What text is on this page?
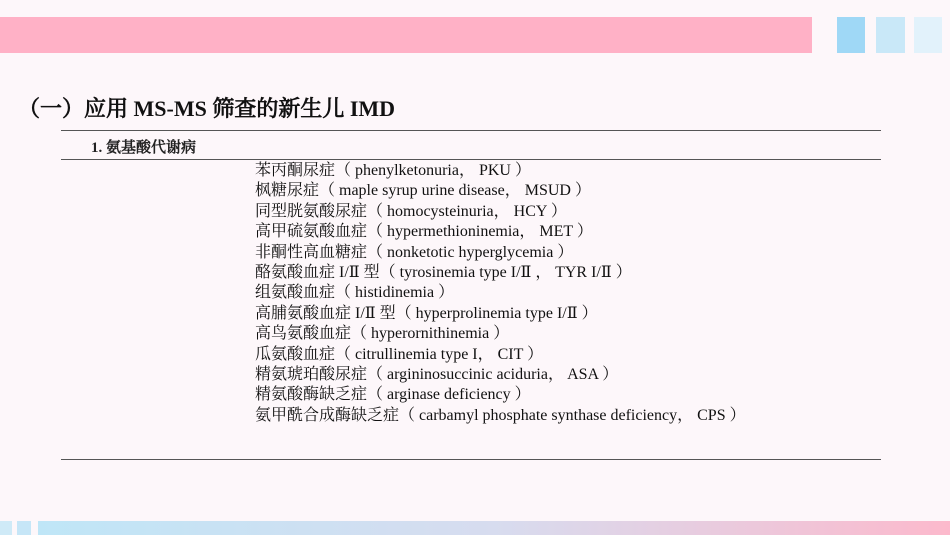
（一）应用 MS-MS 筛查的新生儿 IMD
1. 氨基酸代谢病
苯丙酮尿症（ phenylketonuria， PKU ）
枫糖尿症（ maple syrup urine disease， MSUD ）
同型胱氨酸尿症（ homocysteinuria， HCY ）
高甲硫氨酸血症（ hypermethioninemia， MET ）
非酮性高血糖症（ nonketotic hyperglycemia ）
酪氨酸血症 I/Ⅱ 型（ tyrosinemia type I/Ⅱ ， TYR I/Ⅱ ）
组氨酸血症（ histidinemia ）
高脯氨酸血症 I/Ⅱ 型（ hyperprolinemia type I/Ⅱ ）
高鸟氨酸血症（ hyperornithinemia ）
瓜氨酸血症（ citrullinemia type I， CIT ）
精氨琥珀酸尿症（ argininosuccinic aciduria， ASA ）
精氨酸酶缺乏症（ arginase deficiency ）
氨甲酰合成酶缺乏症（ carbamyl phosphate synthase deficiency， CPS ）
